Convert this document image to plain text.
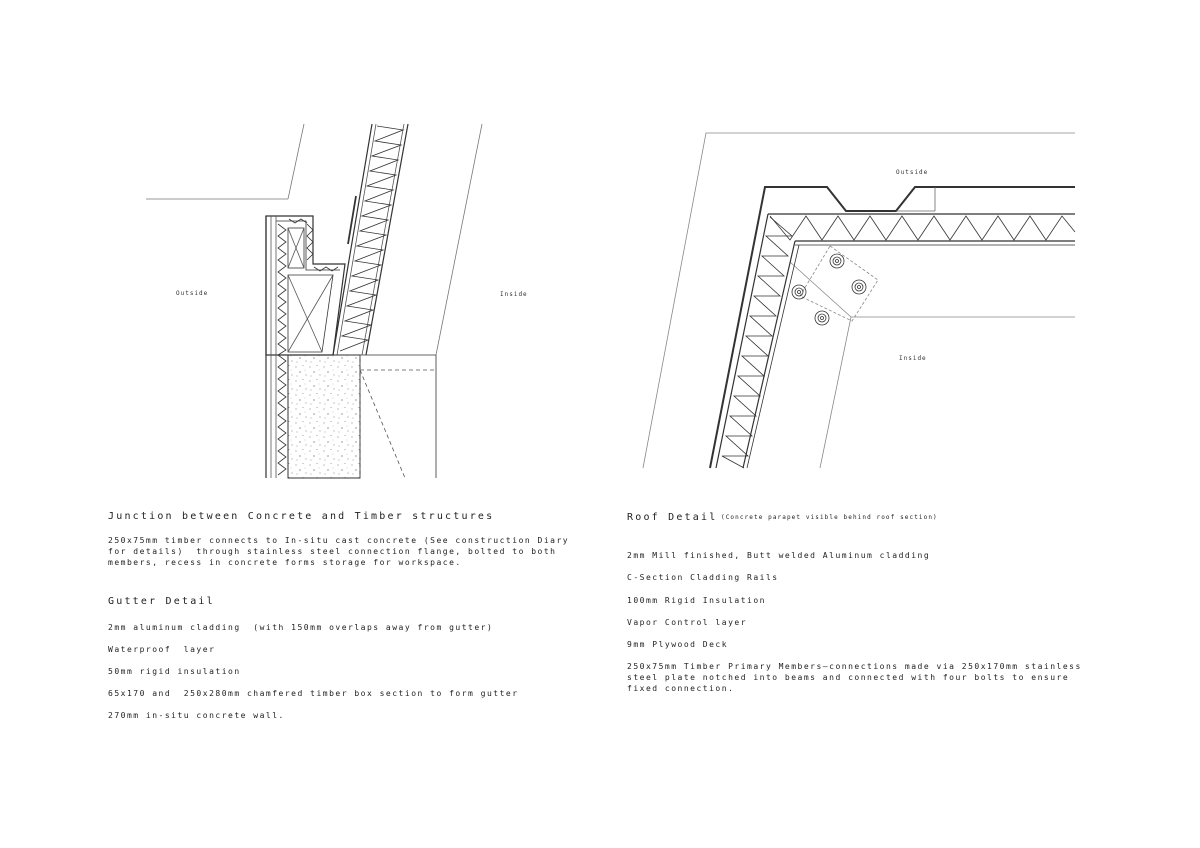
Outside	Inside
Outside
Inside
Junction between Concrete and Timber structures
250x75mm timber connects to In-situ cast concrete (See construction Diary
for details)  through stainless steel connection flange, bolted to both
members, recess in concrete forms storage for workspace.
Gutter Detail
2mm aluminum cladding  (with 150mm overlaps away from gutter)
Waterproof  layer
50mm rigid insulation
65x170 and  250x280mm chamfered timber box section to form gutter
270mm in-situ concrete wall.
Roof Detail (Concrete parapet visible behind roof section)
2mm Mill finished, Butt welded Aluminum cladding
C-Section Cladding Rails
100mm Rigid Insulation
Vapor Control layer
9mm Plywood Deck
250x75mm Timber Primary Members—connections made via 250x170mm stainless
steel plate notched into beams and connected with four bolts to ensure
fixed connection.
